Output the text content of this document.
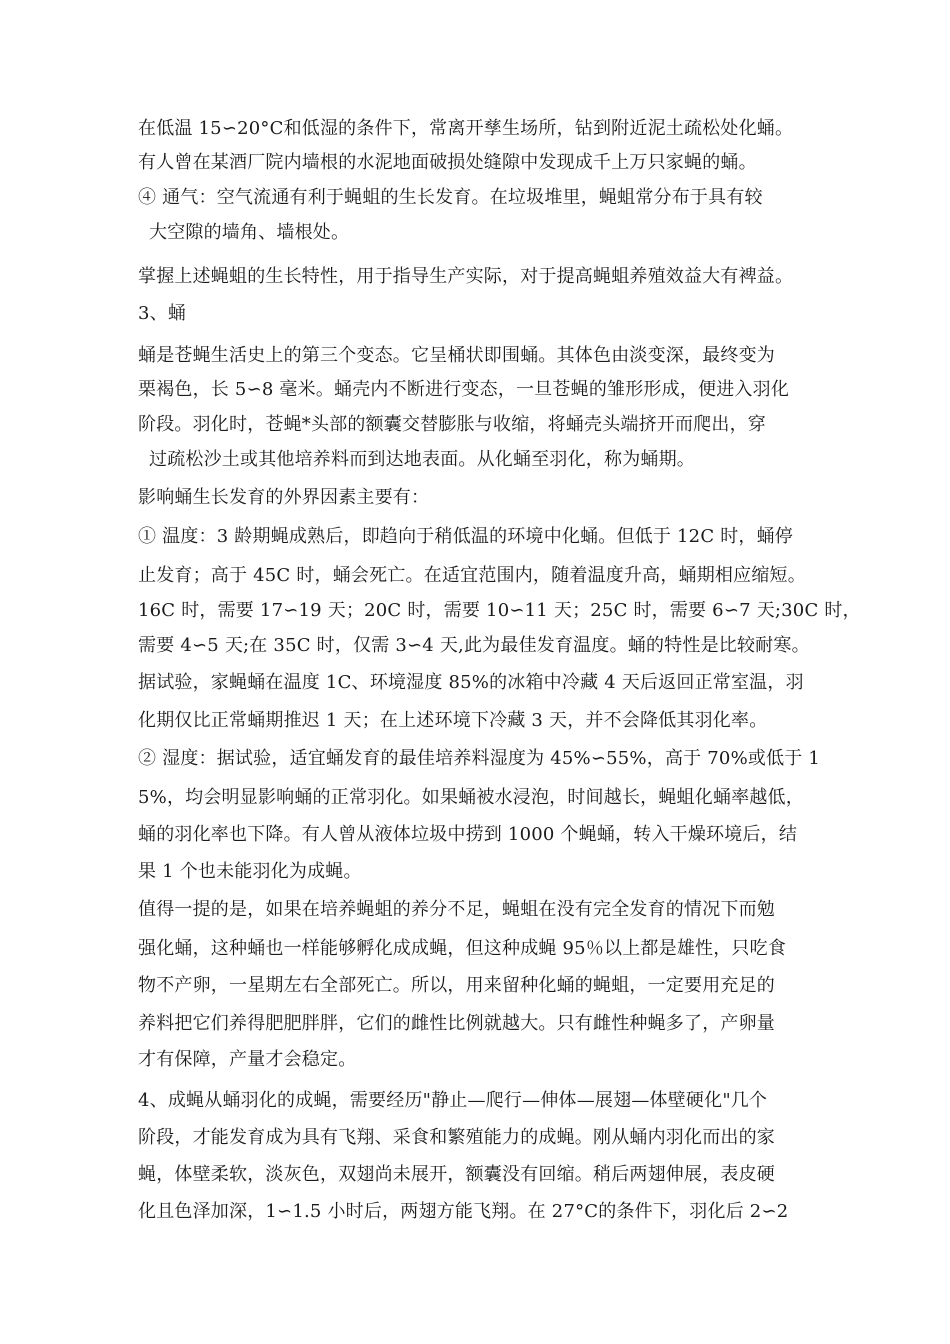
在低温 15∽20°C和低湿的条件下，常离开孳生场所，钻到附近泥土疏松处化蛹。

有人曾在某酒厂院内墙根的水泥地面破损处缝隙中发现成千上万只家蝇的蛹。

④ 通气：空气流通有利于蝇蛆的生长发育。在垃圾堆里，蝇蛆常分布于具有较

大空隙的墙角、墙根处。

掌握上述蝇蛆的生长特性，用于指导生产实际，对于提高蝇蛆养殖效益大有裨益。

3、蛹

蛹是苍蝇生活史上的第三个变态。它呈桶状即围蛹。其体色由淡变深，最终变为

栗褐色，长 5∽8 毫米。蛹壳内不断进行变态，一旦苍蝇的雏形形成，便进入羽化

阶段。羽化时，苍蝇*头部的额囊交替膨胀与收缩，将蛹壳头端挤开而爬出，穿

过疏松沙土或其他培养料而到达地表面。从化蛹至羽化，称为蛹期。

影响蛹生长发育的外界因素主要有：

① 温度：3 龄期蝇成熟后，即趋向于稍低温的环境中化蛹。但低于 12C 时，蛹停

止发育；高于 45C 时，蛹会死亡。在适宜范围内，随着温度升高，蛹期相应缩短。

16C 时，需要 17∽19 天；20C 时，需要 10∽11 天；25C 时，需要 6∽7 天;30C 时，

需要 4∽5 天;在 35C 时，仅需 3∽4 天,此为最佳发育温度。蛹的特性是比较耐寒。

据试验，家蝇蛹在温度 1C、环境湿度 85%的冰箱中冷藏 4 天后返回正常室温，羽

化期仅比正常蛹期推迟 1 天；在上述环境下冷藏 3 天，并不会降低其羽化率。

② 湿度：据试验，适宜蛹发育的最佳培养料湿度为 45%∽55%，高于 70%或低于 1

5%，均会明显影响蛹的正常羽化。如果蛹被水浸泡，时间越长，蝇蛆化蛹率越低，

蛹的羽化率也下降。有人曾从液体垃圾中捞到 1000 个蝇蛹，转入干燥环境后，结

果 1 个也未能羽化为成蝇。

值得一提的是，如果在培养蝇蛆的养分不足，蝇蛆在没有完全发育的情况下而勉

强化蛹，这种蛹也一样能够孵化成成蝇，但这种成蝇 95％以上都是雄性，只吃食

物不产卵，一星期左右全部死亡。所以，用来留种化蛹的蝇蛆，一定要用充足的

养料把它们养得肥肥胖胖，它们的雌性比例就越大。只有雌性种蝇多了，产卵量

才有保障，产量才会稳定。

4、成蝇从蛹羽化的成蝇，需要经历"静止—爬行—伸体—展翅—体壁硬化"几个

阶段，才能发育成为具有飞翔、采食和繁殖能力的成蝇。刚从蛹内羽化而出的家

蝇，体壁柔软，淡灰色，双翅尚未展开，额囊没有回缩。稍后两翅伸展，表皮硬

化且色泽加深，1∽1.5 小时后，两翅方能飞翔。在 27°C的条件下，羽化后 2∽2
